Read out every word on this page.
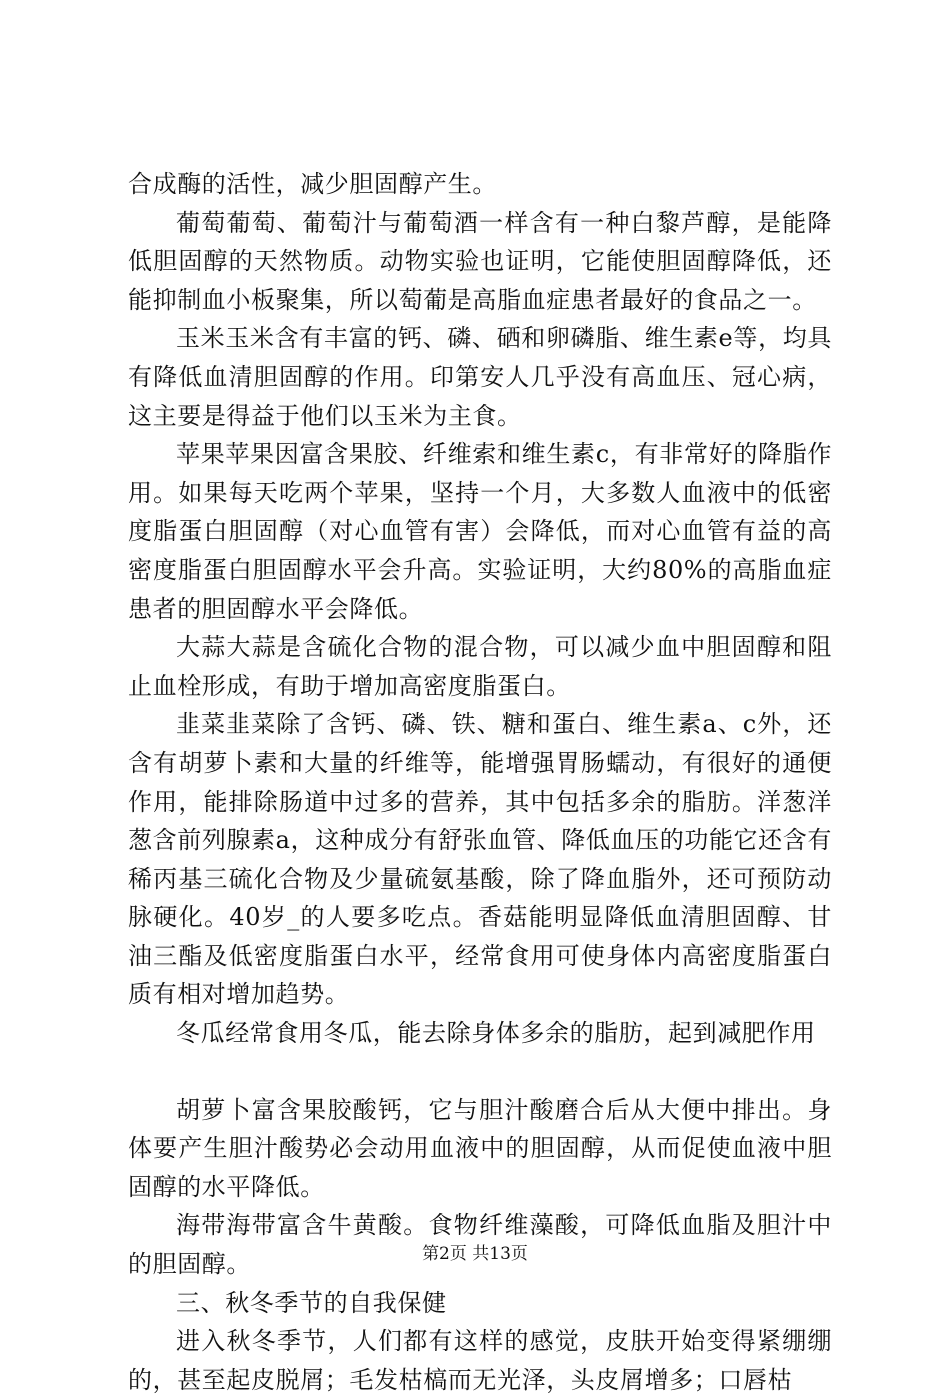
合成酶的活性，减少胆固醇产生。

葡萄葡萄、葡萄汁与葡萄酒一样含有一种白黎芦醇，是能降低胆固醇的天然物质。动物实验也证明，它能使胆固醇降低，还能抑制血小板聚集，所以萄葡是高脂血症患者最好的食品之一。

玉米玉米含有丰富的钙、磷、硒和卵磷脂、维生素e等，均具有降低血清胆固醇的作用。印第安人几乎没有高血压、冠心病，这主要是得益于他们以玉米为主食。

苹果苹果因富含果胶、纤维索和维生素c，有非常好的降脂作用。如果每天吃两个苹果，坚持一个月，大多数人血液中的低密度脂蛋白胆固醇（对心血管有害）会降低，而对心血管有益的高密度脂蛋白胆固醇水平会升高。实验证明，大约80%的高脂血症患者的胆固醇水平会降低。

大蒜大蒜是含硫化合物的混合物，可以减少血中胆固醇和阻止血栓形成，有助于增加高密度脂蛋白。

韭菜韭菜除了含钙、磷、铁、糖和蛋白、维生素a、c外，还含有胡萝卜素和大量的纤维等，能增强胃肠蠕动，有很好的通便作用，能排除肠道中过多的营养，其中包括多余的脂肪。洋葱洋葱含前列腺素a，这种成分有舒张血管、降低血压的功能它还含有稀丙基三硫化合物及少量硫氨基酸，除了降血脂外，还可预防动脉硬化。40岁_的人要多吃点。香菇能明显降低血清胆固醇、甘油三酯及低密度脂蛋白水平，经常食用可使身体内高密度脂蛋白质有相对增加趋势。

冬瓜经常食用冬瓜，能去除身体多余的脂肪，起到减肥作用

胡萝卜富含果胶酸钙，它与胆汁酸磨合后从大便中排出。身体要产生胆汁酸势必会动用血液中的胆固醇，从而促使血液中胆固醇的水平降低。

海带海带富含牛黄酸。食物纤维藻酸，可降低血脂及胆汁中的胆固醇。

三、秋冬季节的自我保健

进入秋冬季节，人们都有这样的感觉，皮肤开始变得紧绷绷的，甚至起皮脱屑；毛发枯槁而无光泽，头皮屑增多；口唇枯

第2页 共13页
